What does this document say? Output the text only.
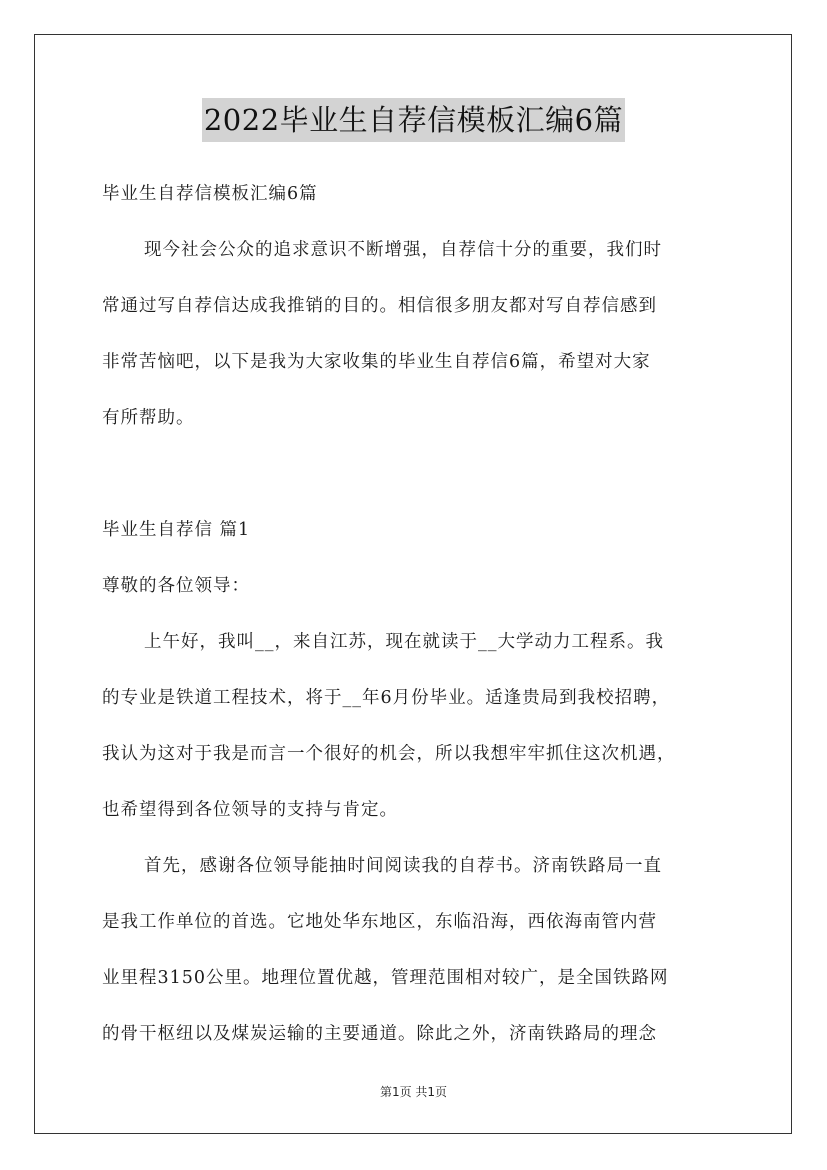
2022毕业生自荐信模板汇编6篇
毕业生自荐信模板汇编6篇
现今社会公众的追求意识不断增强，自荐信十分的重要，我们时
常通过写自荐信达成我推销的目的。相信很多朋友都对写自荐信感到
非常苦恼吧，以下是我为大家收集的毕业生自荐信6篇，希望对大家
有所帮助。
毕业生自荐信 篇1
尊敬的各位领导：
上午好，我叫__，来自江苏，现在就读于__大学动力工程系。我
的专业是铁道工程技术，将于__年6月份毕业。适逢贵局到我校招聘，
我认为这对于我是而言一个很好的机会，所以我想牢牢抓住这次机遇，
也希望得到各位领导的支持与肯定。
首先，感谢各位领导能抽时间阅读我的自荐书。济南铁路局一直
是我工作单位的首选。它地处华东地区，东临沿海，西依海南管内营
业里程3150公里。地理位置优越，管理范围相对较广，是全国铁路网
的骨干枢纽以及煤炭运输的主要通道。除此之外，济南铁路局的理念
第1页 共1页
